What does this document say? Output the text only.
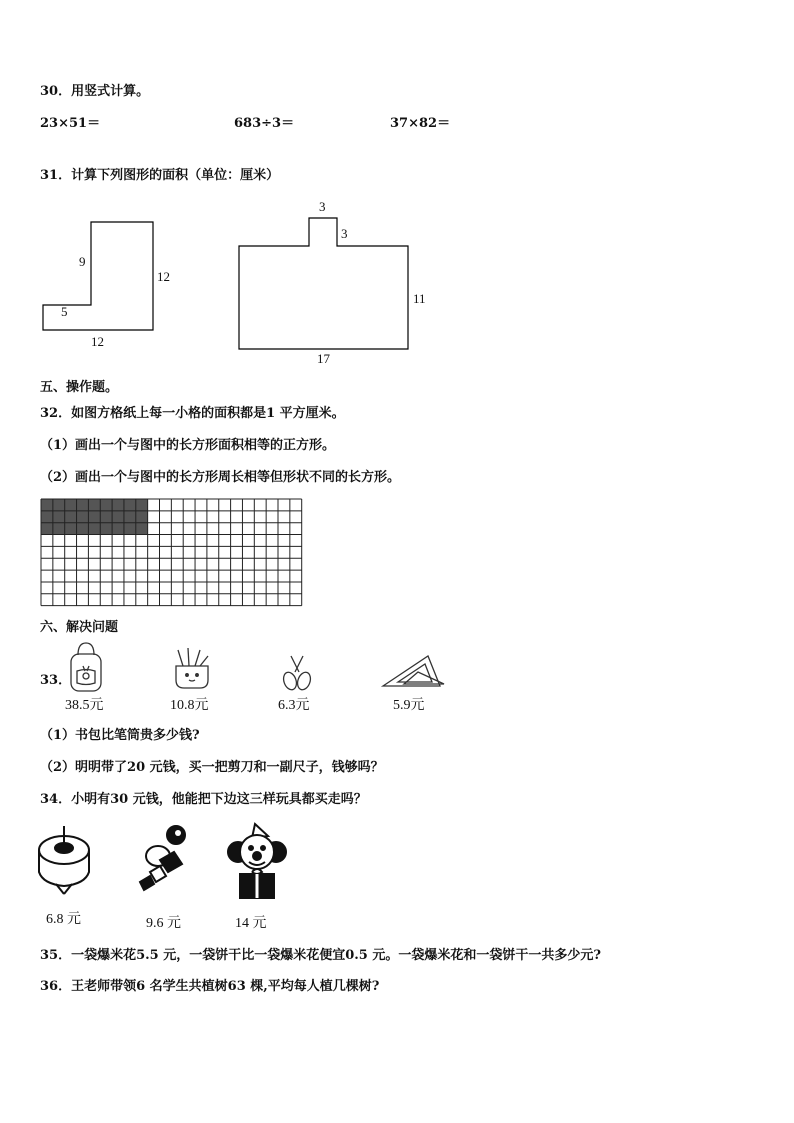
30．用竖式计算。
23×51＝	683÷3＝	37×82＝
31．计算下列图形的面积（单位：厘米）
9
12
5
12
3
3
11
17
五、操作题。
32．如图方格纸上每一小格的面积都是1 平方厘米。
（1）画出一个与图中的长方形面积相等的正方形。
（2）画出一个与图中的长方形周长相等但形状不同的长方形。
六、解决问题
33．
38.5元	10.8元	6.3元	5.9元
（1）书包比笔筒贵多少钱?
（2）明明带了20 元钱，买一把剪刀和一副尺子，钱够吗？
34．小明有30 元钱，他能把下边这三样玩具都买走吗？
6.8 元	9.6 元	14 元
35．一袋爆米花5.5 元，一袋饼干比一袋爆米花便宜0.5 元。一袋爆米花和一袋饼干一共多少元?
36．王老师带领6 名学生共植树63 棵,平均每人植几棵树?
